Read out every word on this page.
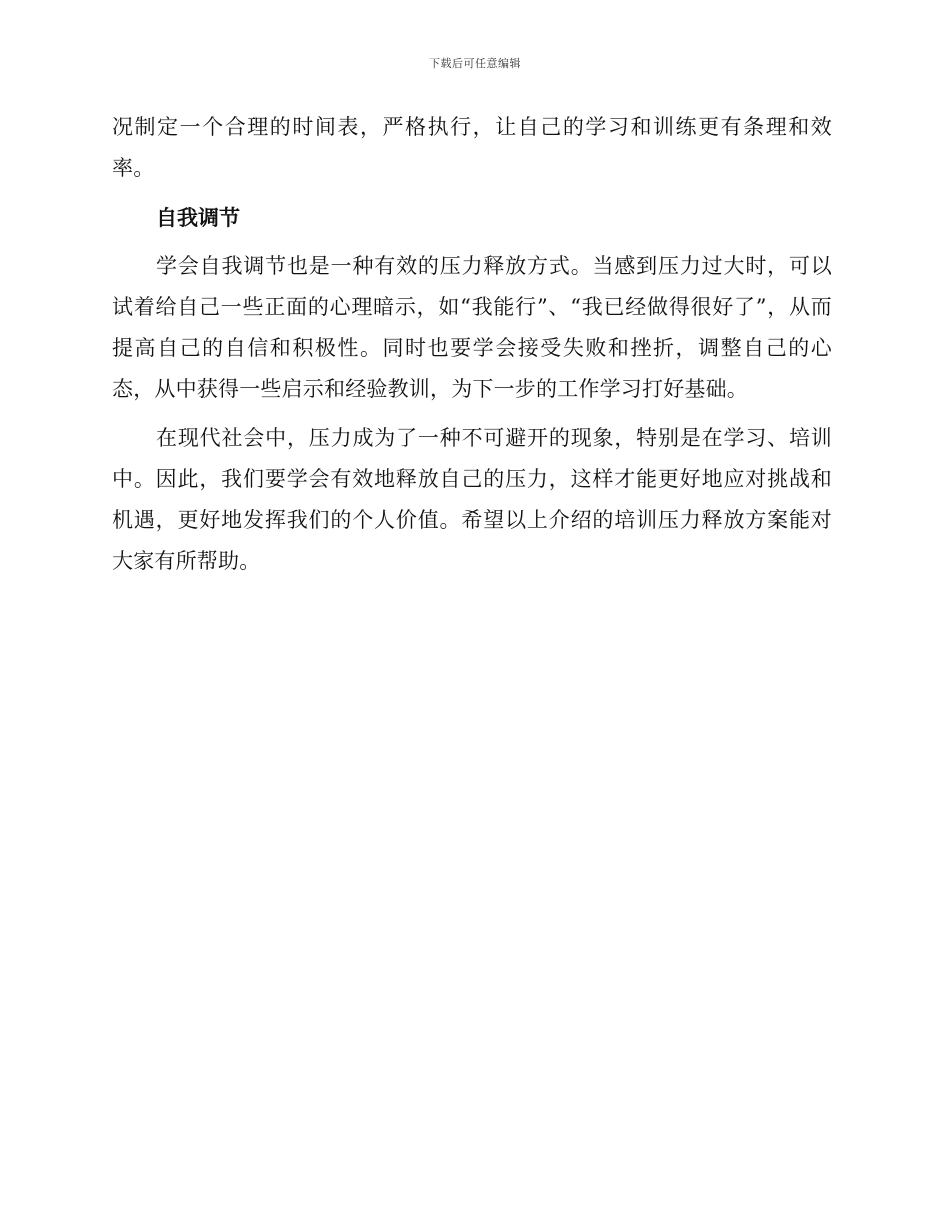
下载后可任意编辑

况制定一个合理的时间表，严格执行，让自己的学习和训练更有条理和效率。

自我调节

学会自我调节也是一种有效的压力释放方式。当感到压力过大时，可以试着给自己一些正面的心理暗示，如“我能行”、“我已经做得很好了”，从而提高自己的自信和积极性。同时也要学会接受失败和挫折，调整自己的心态，从中获得一些启示和经验教训，为下一步的工作学习打好基础。

在现代社会中，压力成为了一种不可避开的现象，特别是在学习、培训中。因此，我们要学会有效地释放自己的压力，这样才能更好地应对挑战和机遇，更好地发挥我们的个人价值。希望以上介绍的培训压力释放方案能对大家有所帮助。
